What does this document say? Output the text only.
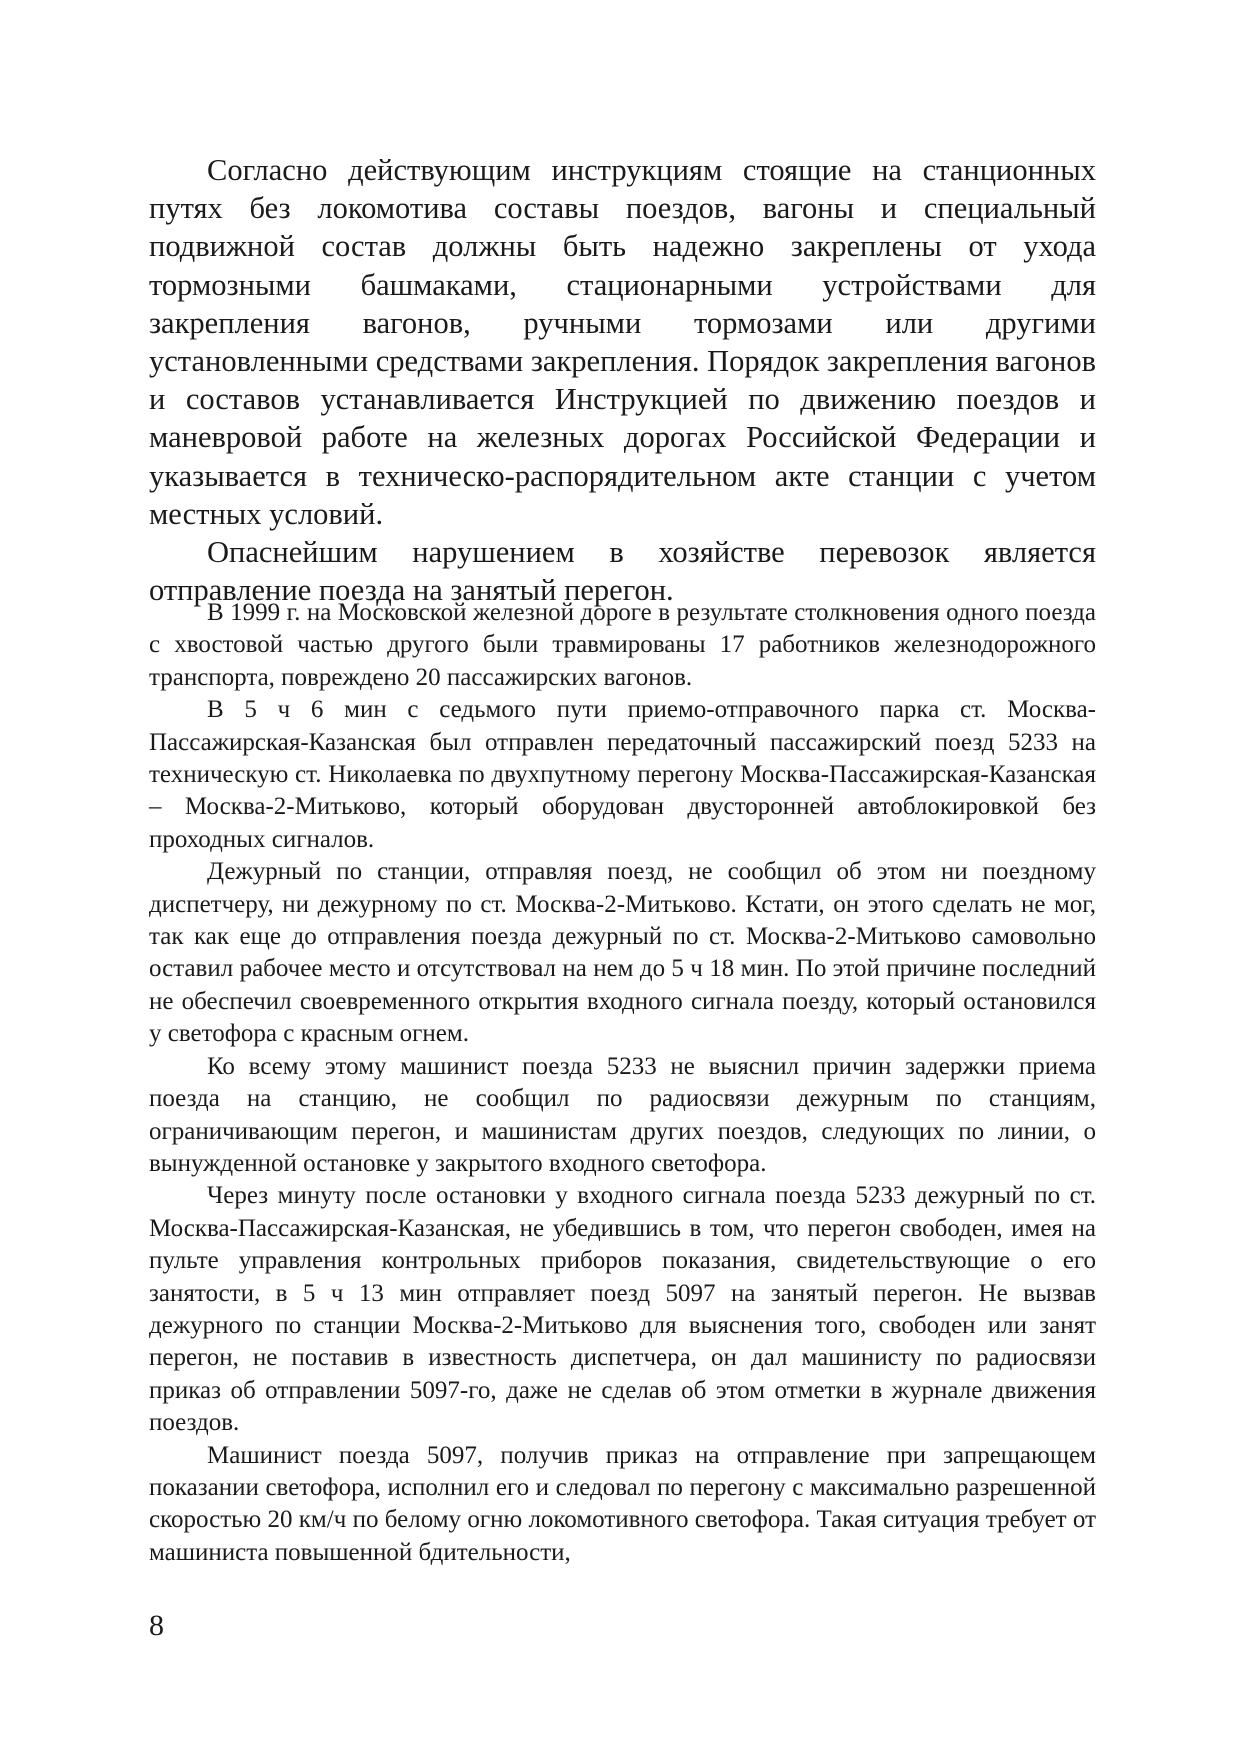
Согласно действующим инструкциям стоящие на станционных путях без локомотива составы поездов, вагоны и специальный подвижной состав должны быть надежно закреплены от ухода тормозными башмаками, стационарными устройствами для закрепления вагонов, ручными тормозами или другими установленными средствами закрепления. Порядок закрепления вагонов и составов устанавливается Инструкцией по движению поездов и маневровой работе на железных дорогах Российской Федерации и указывается в техническо-распорядительном акте станции с учетом местных условий.

Опаснейшим нарушением в хозяйстве перевозок является отправление поезда на занятый перегон.

В 1999 г. на Московской железной дороге в результате столкновения одного поезда с хвостовой частью другого были травмированы 17 работников железнодорожного транспорта, повреждено 20 пассажирских вагонов.

В 5 ч 6 мин с седьмого пути приемо-отправочного парка ст. Москва-Пассажирская-Казанская был отправлен передаточный пассажирский поезд 5233 на техническую ст. Николаевка по двухпутному перегону Москва-Пассажирская-Казанская – Москва-2-Митьково, который оборудован двусторонней автоблокировкой без проходных сигналов.

Дежурный по станции, отправляя поезд, не сообщил об этом ни поездному диспетчеру, ни дежурному по ст. Москва-2-Митьково. Кстати, он этого сделать не мог, так как еще до отправления поезда дежурный по ст. Москва-2-Митьково самовольно оставил рабочее место и отсутствовал на нем до 5 ч 18 мин. По этой причине последний не обеспечил своевременного открытия входного сигнала поезду, который остановился у светофора с красным огнем.

Ко всему этому машинист поезда 5233 не выяснил причин задержки приема поезда на станцию, не сообщил по радиосвязи дежурным по станциям, ограничивающим перегон, и машинистам других поездов, следующих по линии, о вынужденной остановке у закрытого входного светофора.

Через минуту после остановки у входного сигнала поезда 5233 дежурный по ст. Москва-Пассажирская-Казанская, не убедившись в том, что перегон свободен, имея на пульте управления контрольных приборов показания, свидетельствующие о его занятости, в 5 ч 13 мин отправляет поезд 5097 на занятый перегон. Не вызвав дежурного по станции Москва-2-Митьково для выяснения того, свободен или занят перегон, не поставив в известность диспетчера, он дал машинисту по радиосвязи приказ об отправлении 5097-го, даже не сделав об этом отметки в журнале движения поездов.

Машинист поезда 5097, получив приказ на отправление при запрещающем показании светофора, исполнил его и следовал по перегону с максимально разрешенной скоростью 20 км/ч по белому огню локомотивного светофора. Такая ситуация требует от машиниста повышенной бдительности,

8
